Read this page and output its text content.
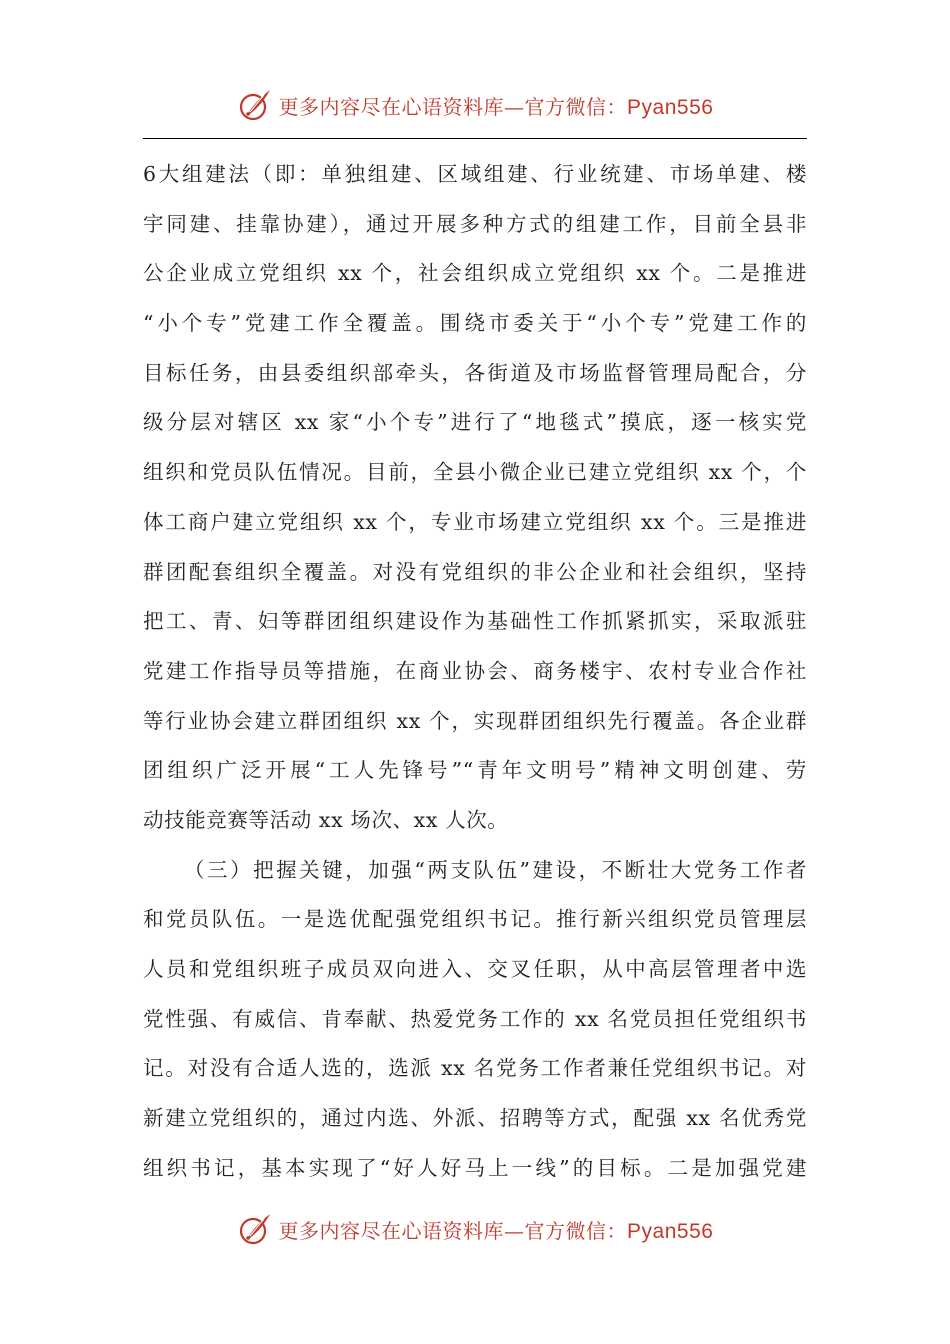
更多内容尽在心语资料库—官方微信：Pyan556
6大组建法（即：单独组建、区域组建、行业统建、市场单建、楼
宇同建、挂靠协建），通过开展多种方式的组建工作，目前全县非
公企业成立党组织 xx 个，社会组织成立党组织 xx 个。二是推进
“小个专”党建工作全覆盖。围绕市委关于“小个专”党建工作的
目标任务，由县委组织部牵头，各街道及市场监督管理局配合，分
级分层对辖区 xx 家“小个专”进行了“地毯式”摸底，逐一核实党
组织和党员队伍情况。目前，全县小微企业已建立党组织 xx 个，个
体工商户建立党组织 xx 个，专业市场建立党组织 xx 个。三是推进
群团配套组织全覆盖。对没有党组织的非公企业和社会组织，坚持
把工、青、妇等群团组织建设作为基础性工作抓紧抓实，采取派驻
党建工作指导员等措施，在商业协会、商务楼宇、农村专业合作社
等行业协会建立群团组织 xx 个，实现群团组织先行覆盖。各企业群
团组织广泛开展“工人先锋号”“青年文明号”精神文明创建、劳
动技能竞赛等活动 xx 场次、xx 人次。
（三）把握关键，加强“两支队伍”建设，不断壮大党务工作者
和党员队伍。一是选优配强党组织书记。推行新兴组织党员管理层
人员和党组织班子成员双向进入、交叉任职，从中高层管理者中选
党性强、有威信、肯奉献、热爱党务工作的 xx 名党员担任党组织书
记。对没有合适人选的，选派 xx 名党务工作者兼任党组织书记。对
新建立党组织的，通过内选、外派、招聘等方式，配强 xx 名优秀党
组织书记，基本实现了“好人好马上一线”的目标。二是加强党建
更多内容尽在心语资料库—官方微信：Pyan556
